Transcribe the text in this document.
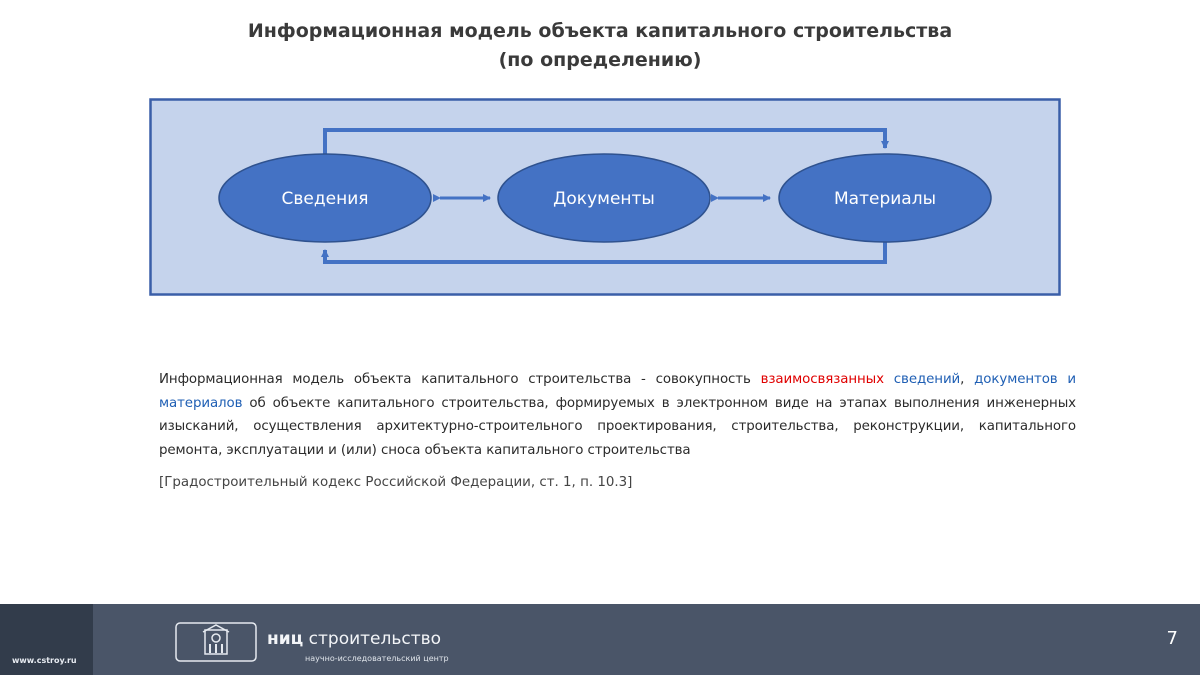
Информационная модель объекта капитального строительства
(по определению)
Сведения	Документы	Материалы

Информационная модель объекта капитального строительства - совокупность взаимосвязанных сведений, документов и материалов об объекте капитального строительства, формируемых в электронном виде на этапах выполнения инженерных изысканий, осуществления архитектурно-строительного проектирования, строительства, реконструкции, капитального ремонта, эксплуатации и (или) сноса объекта капитального строительства

[Градостроительный кодекс Российской Федерации, ст. 1, п. 10.3]
www.cstroy.ru
ниц строительство
научно-исследовательский центр
7
